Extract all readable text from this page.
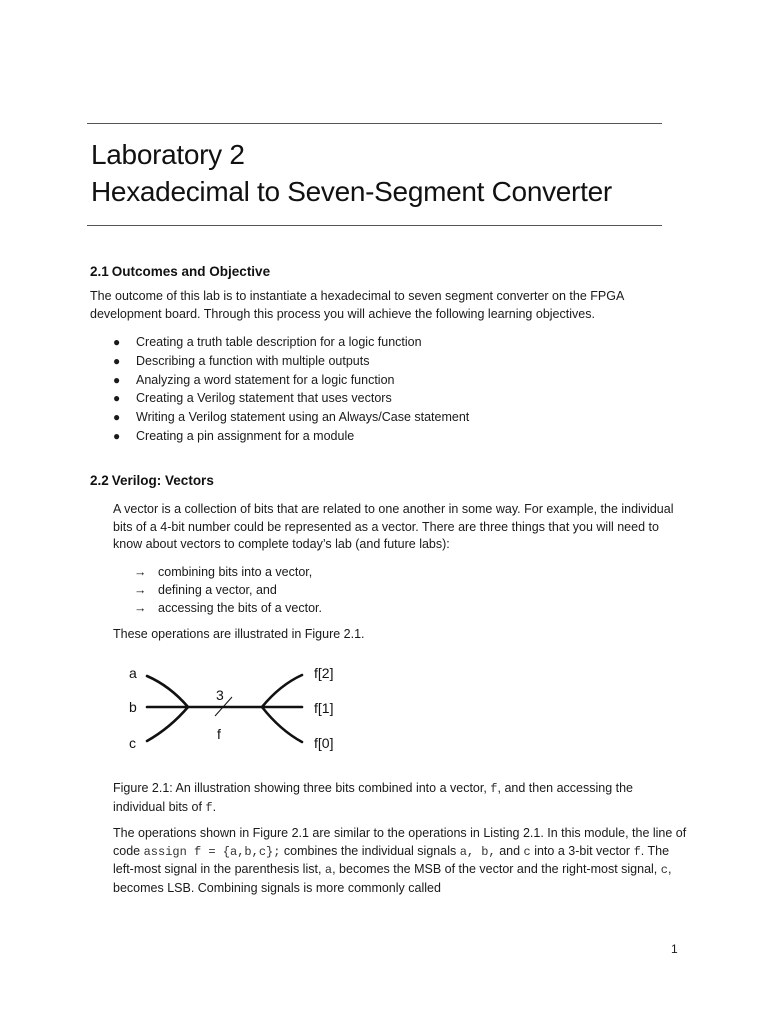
Laboratory 2
Hexadecimal to Seven-Segment Converter
2.1 Outcomes and Objective

The outcome of this lab is to instantiate a hexadecimal to seven segment converter on the FPGA development board. Through this process you will achieve the following learning objectives.

● Creating a truth table description for a logic function
● Describing a function with multiple outputs
● Analyzing a word statement for a logic function
● Creating a Verilog statement that uses vectors
● Writing a Verilog statement using an Always/Case statement
● Creating a pin assignment for a module
2.2 Verilog: Vectors

A vector is a collection of bits that are related to one another in some way. For example, the individual bits of a 4-bit number could be represented as a vector. There are three things that you will need to know about vectors to complete today’s lab (and future labs):

→ combining bits into a vector,
→ defining a vector, and
→ accessing the bits of a vector.

These operations are illustrated in Figure 2.1.

a
b
c
3
f
f[2]
f[1]
f[0]

Figure 2.1: An illustration showing three bits combined into a vector, f, and then accessing the individual bits of f.

The operations shown in Figure 2.1 are similar to the operations in Listing 2.1. In this module, the line of code assign f = {a,b,c}; combines the individual signals a, b, and c into a 3-bit vector f. The left-most signal in the parenthesis list, a, becomes the MSB of the vector and the right-most signal, c, becomes LSB. Combining signals is more commonly called

1
